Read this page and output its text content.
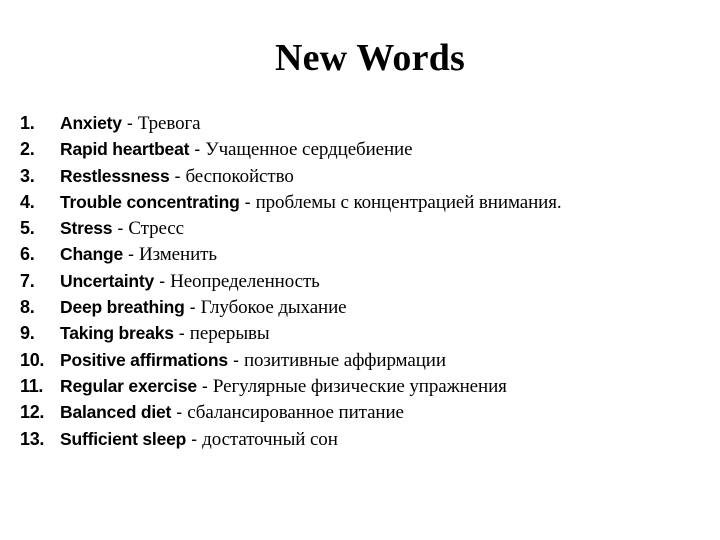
New Words
1.	Anxiety - Тревога
2.	Rapid heartbeat - Учащенное сердцебиение
3.	Restlessness - беспокойство
4.	Trouble concentrating - проблемы с концентрацией внимания.
5.	Stress - Стресс
6.	Change - Изменить
7.	Uncertainty - Неопределенность
8.	Deep breathing - Глубокое дыхание
9.	Taking breaks - перерывы
10. Positive affirmations - позитивные аффирмации
11. Regular exercise - Регулярные физические упражнения
12. Balanced diet - сбалансированное питание
13. Sufficient sleep - достаточный сон
